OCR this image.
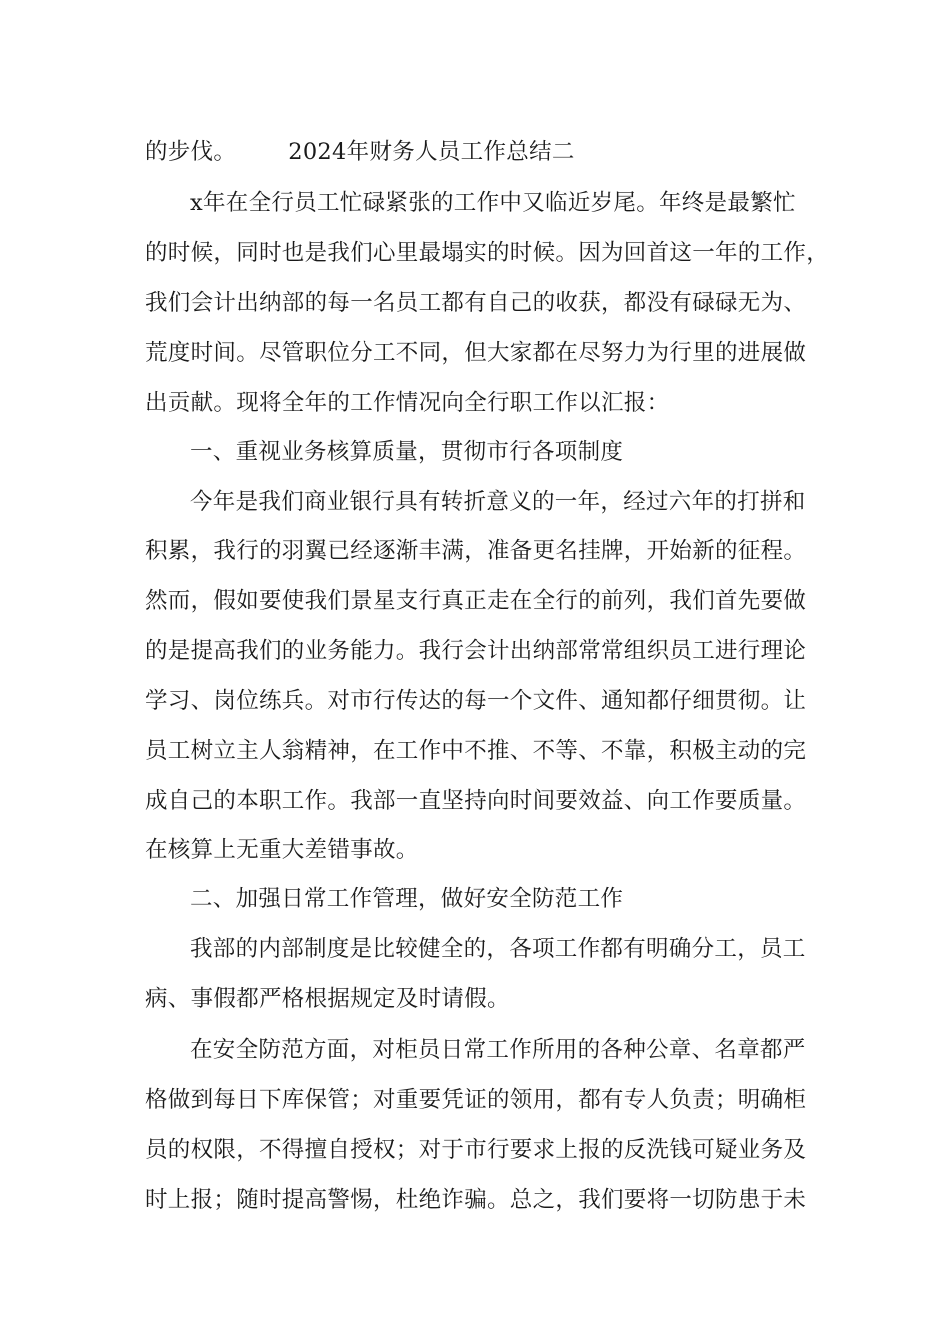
的步伐。 2024年财务人员工作总结二
x年在全行员工忙碌紧张的工作中又临近岁尾。年终是最繁忙
的时候，同时也是我们心里最塌实的时候。因为回首这一年的工作，
我们会计出纳部的每一名员工都有自己的收获，都没有碌碌无为、
荒度时间。尽管职位分工不同，但大家都在尽努力为行里的进展做
出贡献。现将全年的工作情况向全行职工作以汇报：
一、重视业务核算质量，贯彻市行各项制度
今年是我们商业银行具有转折意义的一年，经过六年的打拼和
积累，我行的羽翼已经逐渐丰满，准备更名挂牌，开始新的征程。
然而，假如要使我们景星支行真正走在全行的前列，我们首先要做
的是提高我们的业务能力。我行会计出纳部常常组织员工进行理论
学习、岗位练兵。对市行传达的每一个文件、通知都仔细贯彻。让
员工树立主人翁精神，在工作中不推、不等、不靠，积极主动的完
成自己的本职工作。我部一直坚持向时间要效益、向工作要质量。
在核算上无重大差错事故。
二、加强日常工作管理，做好安全防范工作
我部的内部制度是比较健全的，各项工作都有明确分工，员工
病、事假都严格根据规定及时请假。
在安全防范方面，对柜员日常工作所用的各种公章、名章都严
格做到每日下库保管；对重要凭证的领用，都有专人负责；明确柜
员的权限，不得擅自授权；对于市行要求上报的反洗钱可疑业务及
时上报；随时提高警惕，杜绝诈骗。总之，我们要将一切防患于未
